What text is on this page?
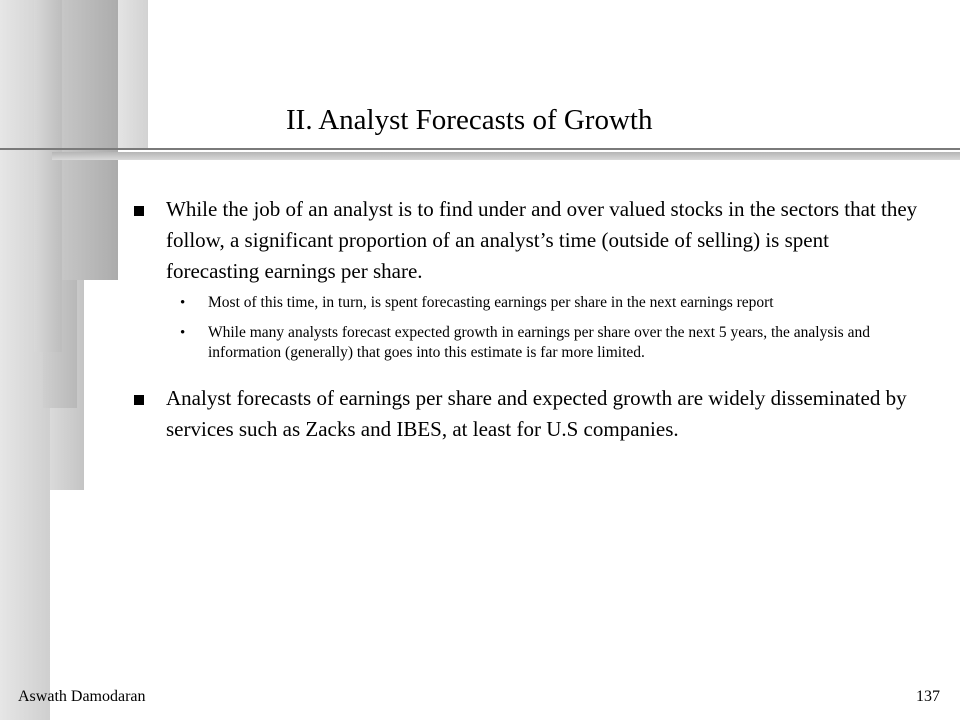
II. Analyst Forecasts of Growth
While the job of an analyst is to find under and over valued stocks in the sectors that they follow, a significant proportion of an analyst’s time (outside of selling) is spent forecasting earnings per share.
• Most of this time, in turn, is spent forecasting earnings per share in the next earnings report
• While many analysts forecast expected growth in earnings per share over the next 5 years, the analysis and information (generally) that goes into this estimate is far more limited.
Analyst forecasts of earnings per share and expected growth are widely disseminated by services such as Zacks and IBES, at least for U.S companies.
Aswath Damodaran	137
